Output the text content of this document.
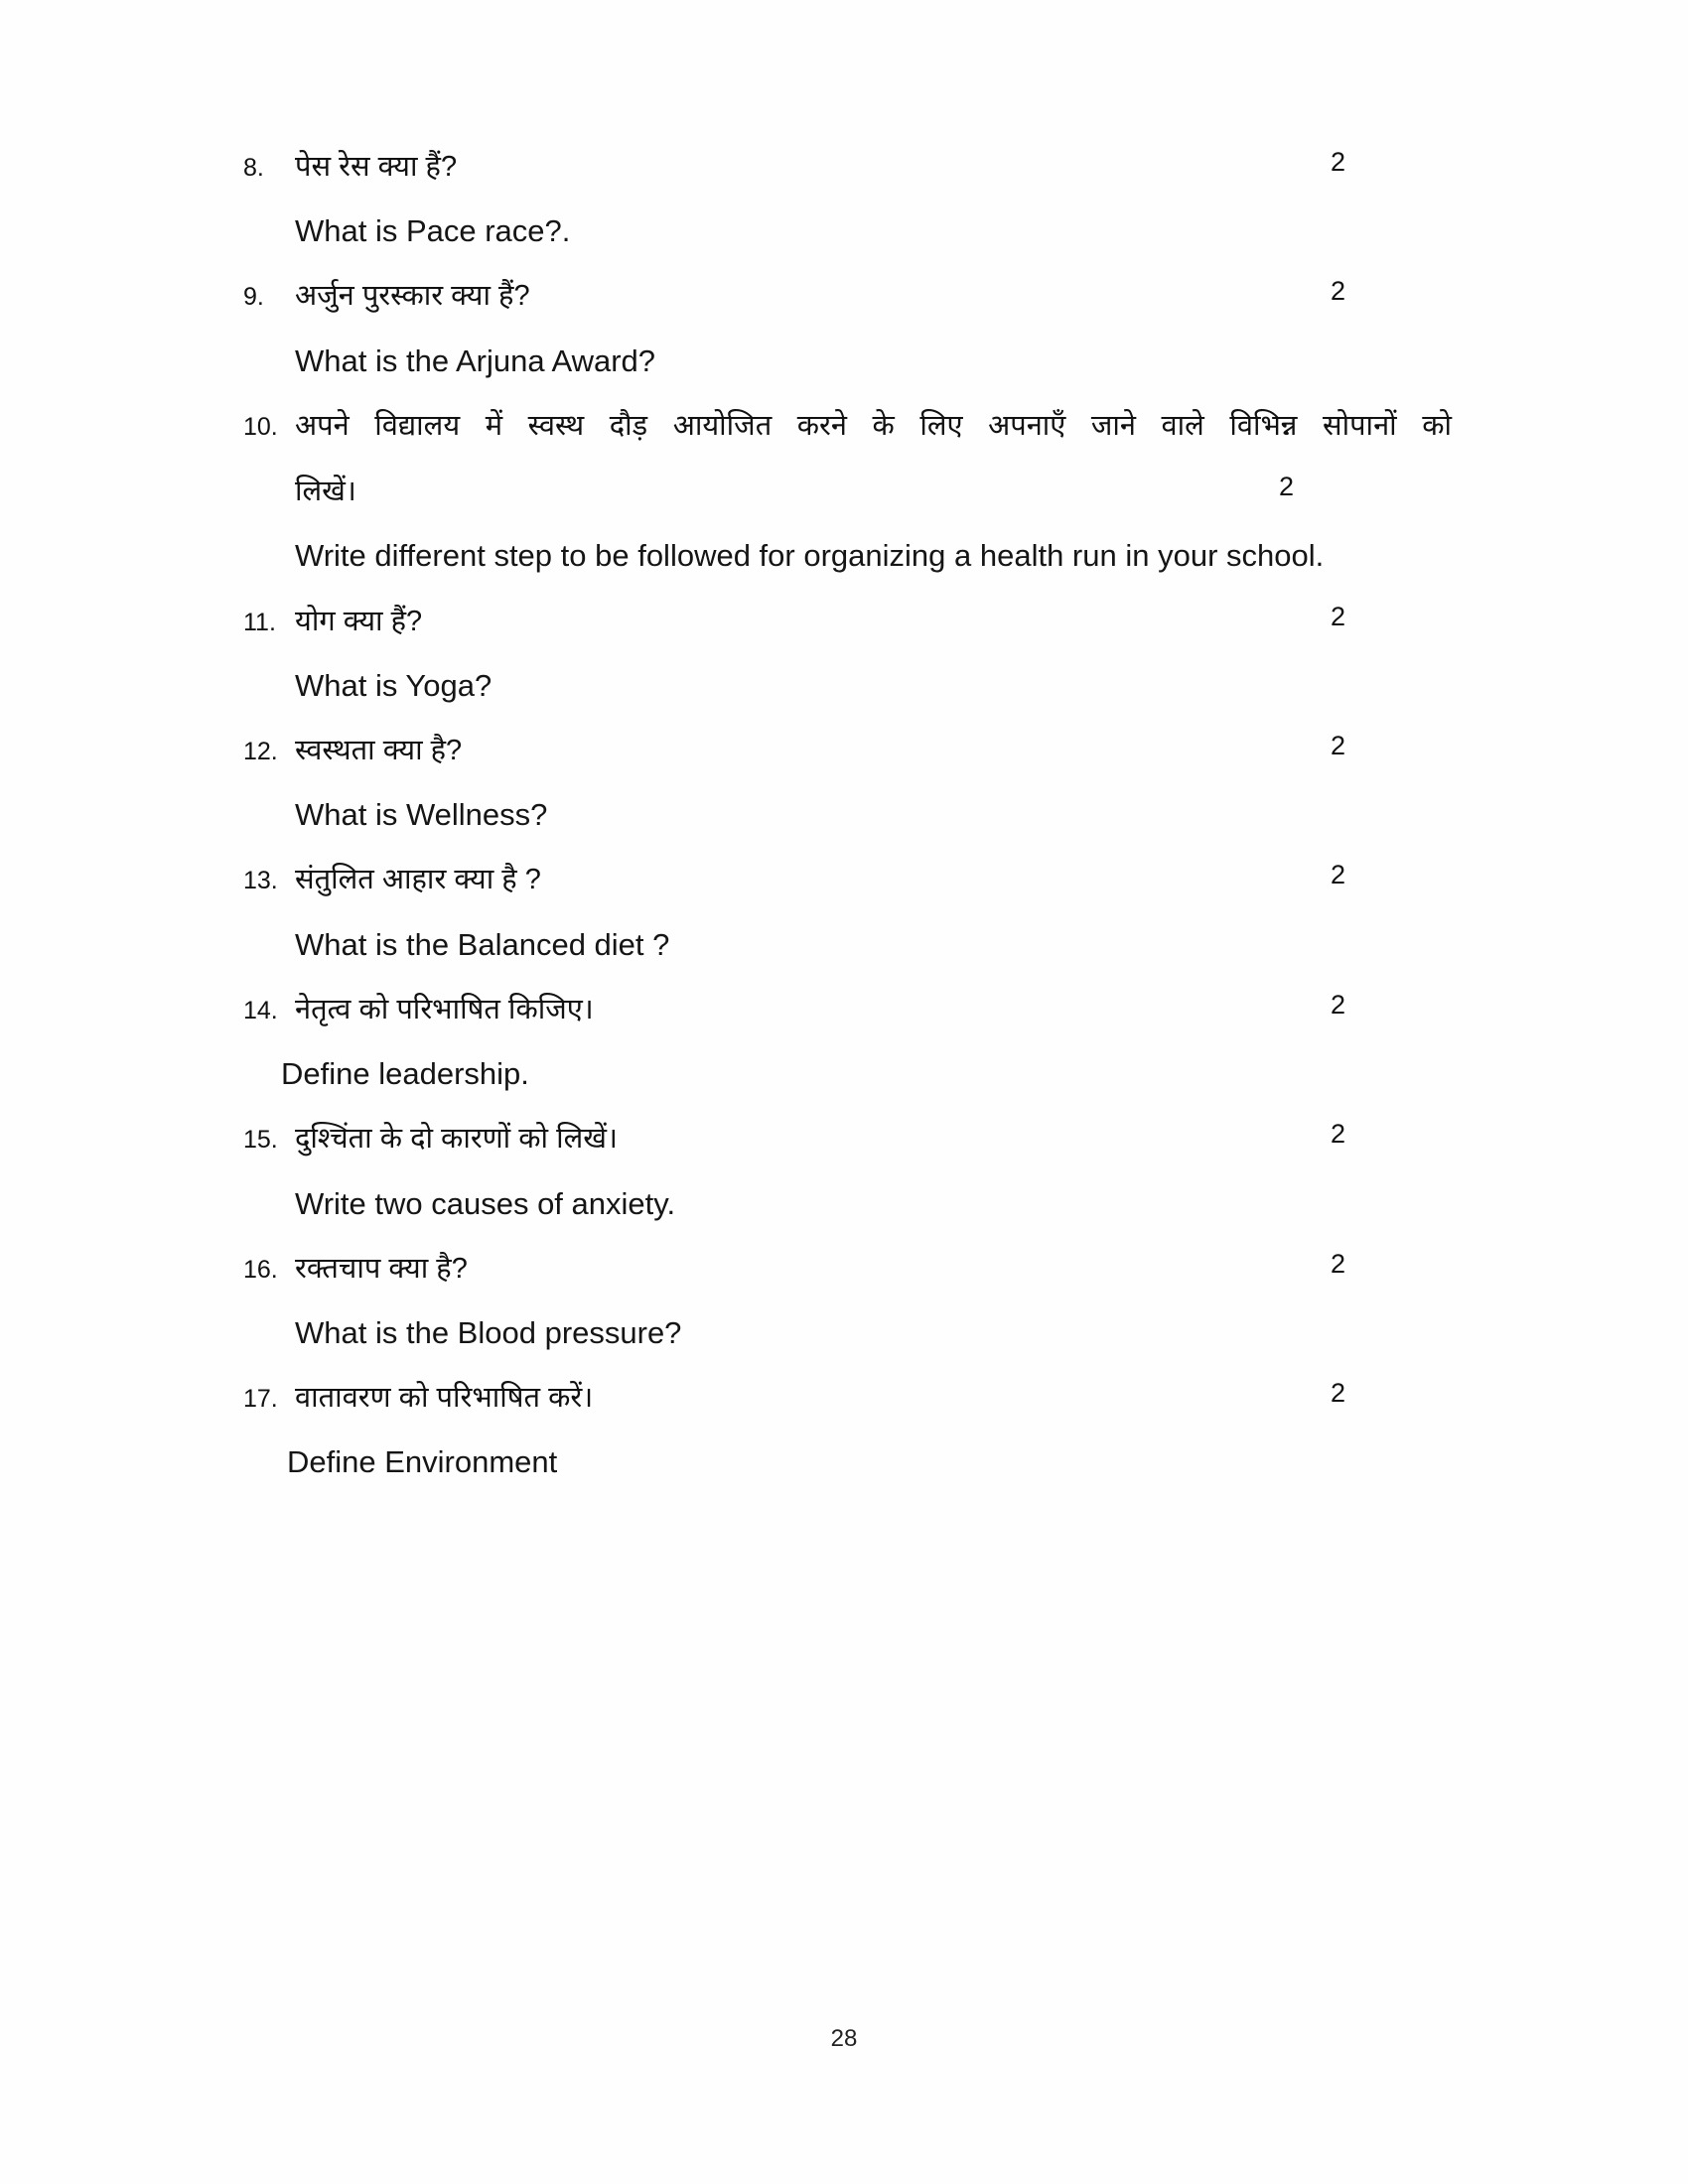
8.	पेस रेस क्या हैं?	2
What is Pace race?.
9.	अर्जुन पुरस्कार क्या हैं?	2
What is the Arjuna Award?
10. अपने विद्यालय में स्वस्थ दौड़ आयोजित करने के लिए अपनाएँ जाने वाले विभिन्न सोपानों को
लिखें।	2
Write different step to be followed for organizing a health run in your school.
11. योग क्या हैं?	2
What is Yoga?
12. स्वस्थता क्या है?	2
What is Wellness?
13. संतुलित आहार क्या है ?	2
What is the Balanced diet ?
14. नेतृत्व को परिभाषित किजिए।	2
Define leadership.
15. दुश्चिंता के दो कारणों को लिखें।	2
Write two causes of anxiety.
16. रक्तचाप क्या है?	2
What is the Blood pressure?
17. वातावरण को परिभाषित करें।	2
Define Environment
28
